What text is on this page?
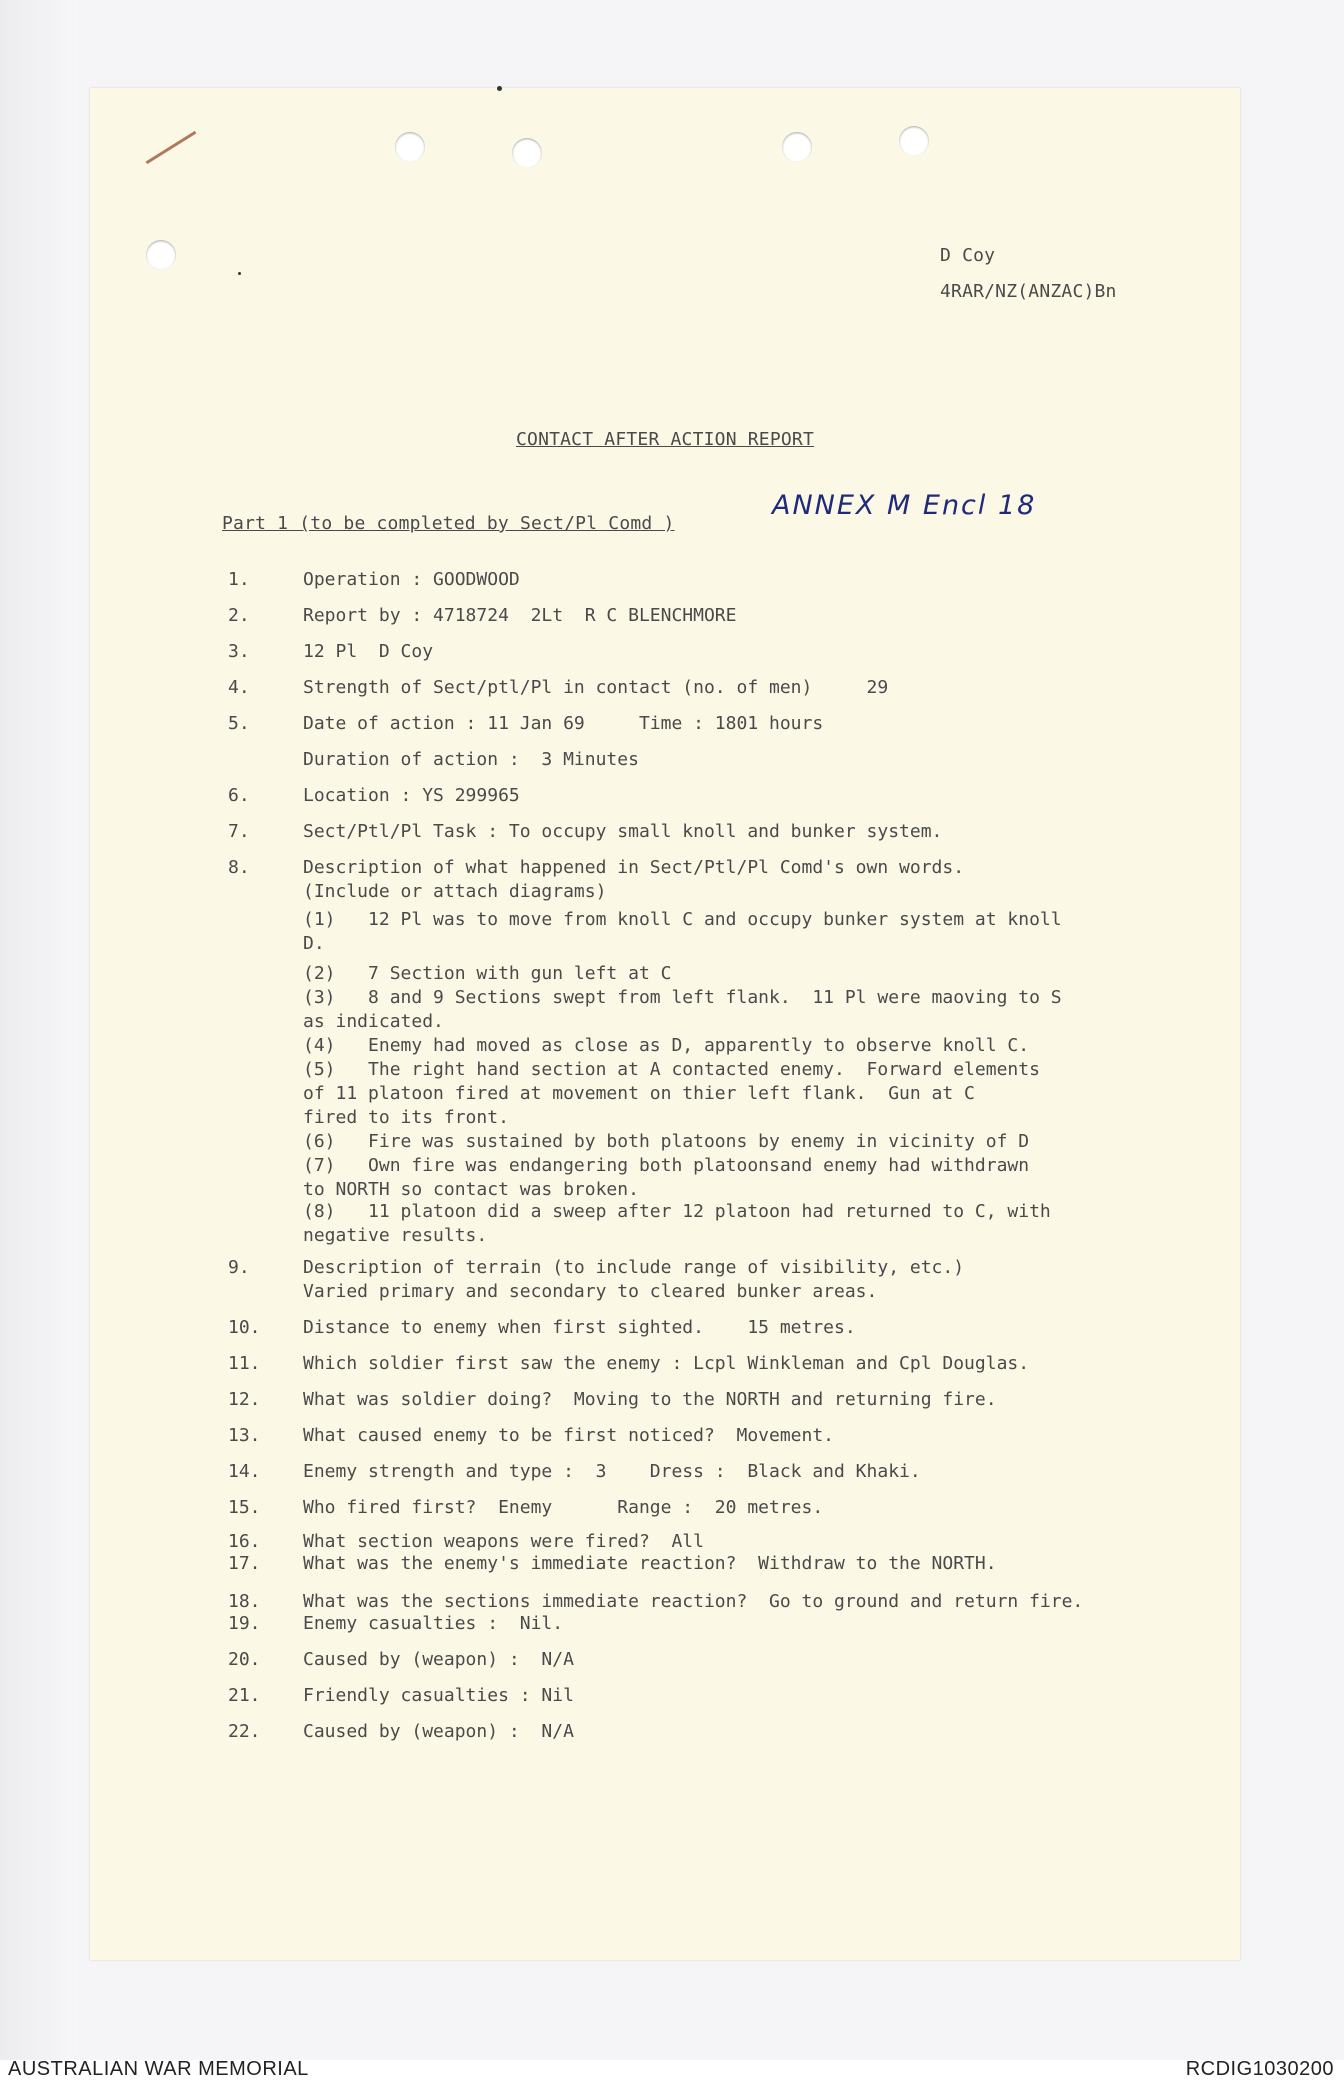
D Coy
4RAR/NZ(ANZAC)Bn
CONTACT AFTER ACTION REPORT
Part 1 (to be completed by Sect/Pl Comd )
ANNEX M Encl 18
1.	Operation : GOODWOOD
2.	Report by : 4718724  2Lt  R C BLENCHMORE
3.	12 Pl  D Coy
4.	Strength of Sect/ptl/Pl in contact (no. of men)     29
5.	Date of action : 11 Jan 69     Time : 1801 hours
Duration of action :  3 Minutes
6.	Location : YS 299965
7.	Sect/Ptl/Pl Task : To occupy small knoll and bunker system.
8.	Description of what happened in Sect/Ptl/Pl Comd's own words.
(Include or attach diagrams)
(1)   12 Pl was to move from knoll C and occupy bunker system at knoll
D.
(2)   7 Section with gun left at C
(3)   8 and 9 Sections swept from left flank.  11 Pl were maoving to S
as indicated.
(4)   Enemy had moved as close as D, apparently to observe knoll C.
(5)   The right hand section at A contacted enemy.  Forward elements
of 11 platoon fired at movement on thier left flank.  Gun at C
fired to its front.
(6)   Fire was sustained by both platoons by enemy in vicinity of D
(7)   Own fire was endangering both platoonsand enemy had withdrawn
to NORTH so contact was broken.
(8)   11 platoon did a sweep after 12 platoon had returned to C, with
negative results.
9.	Description of terrain (to include range of visibility, etc.)
Varied primary and secondary to cleared bunker areas.
10. Distance to enemy when first sighted.    15 metres.
11. Which soldier first saw the enemy : Lcpl Winkleman and Cpl Douglas.
12. What was soldier doing?  Moving to the NORTH and returning fire.
13. What caused enemy to be first noticed?  Movement.
14. Enemy strength and type :  3    Dress :  Black and Khaki.
15. Who fired first?  Enemy      Range :  20 metres.
16. What section weapons were fired?  All
17. What was the enemy's immediate reaction?  Withdraw to the NORTH.
18. What was the sections immediate reaction?  Go to ground and return fire.
19. Enemy casualties :  Nil.
20. Caused by (weapon) :  N/A
21. Friendly casualties : Nil
22. Caused by (weapon) :  N/A
AUSTRALIAN WAR MEMORIAL	RCDIG1030200
